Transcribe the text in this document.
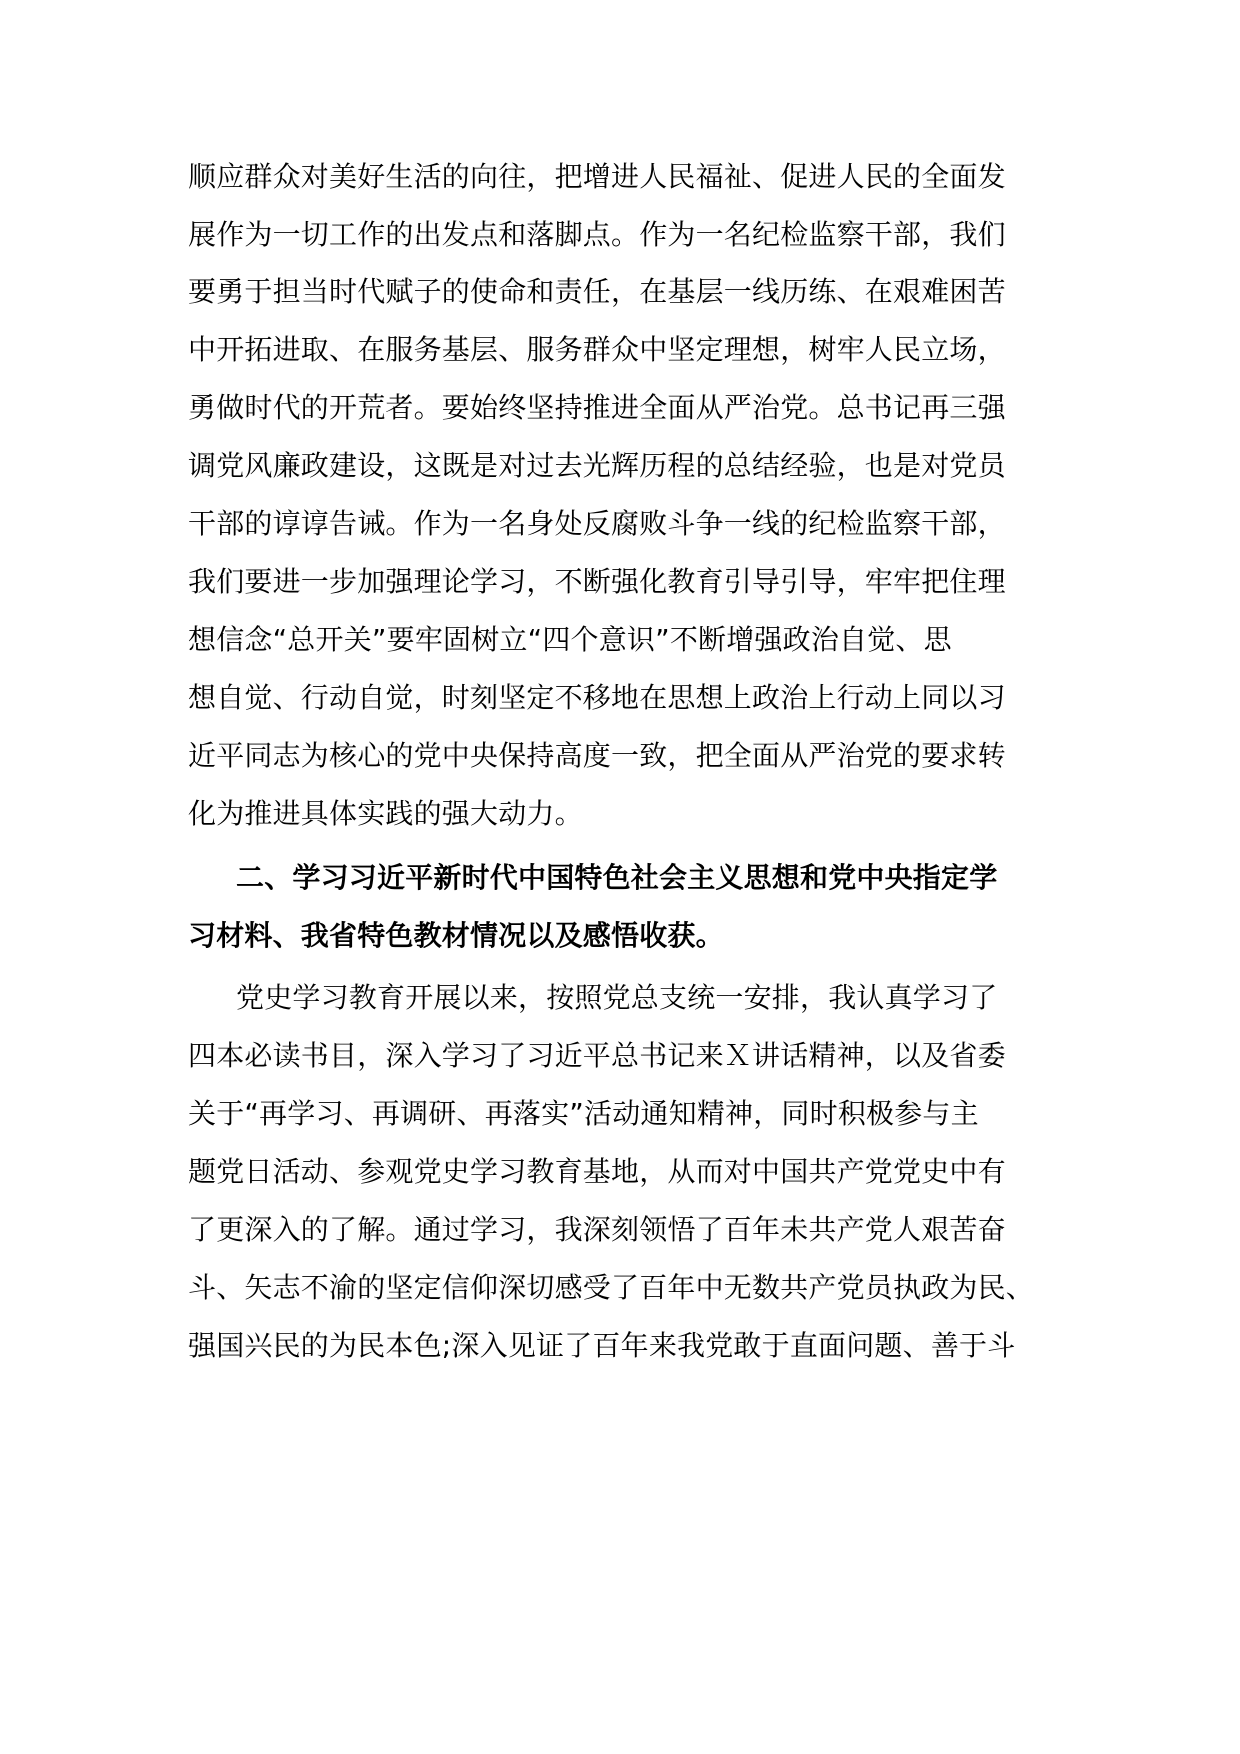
顺应群众对美好生活的向往，把增进人民福祉、促进人民的全面发
展作为一切工作的出发点和落脚点。作为一名纪检监察干部，我们
要勇于担当时代赋子的使命和责任，在基层一线历练、在艰难困苦
中开拓进取、在服务基层、服务群众中坚定理想，树牢人民立场，
勇做时代的开荒者。要始终坚持推进全面从严治党。总书记再三强
调党风廉政建设，这既是对过去光辉历程的总结经验，也是对党员
干部的谆谆告诫。作为一名身处反腐败斗争一线的纪检监察干部，
我们要进一步加强理论学习，不断强化教育引导引导，牢牢把住理
想信念“总开关”要牢固树立“四个意识”不断增强政治自觉、思
想自觉、行动自觉，时刻坚定不移地在思想上政治上行动上同以习
近平同志为核心的党中央保持高度一致，把全面从严治党的要求转
化为推进具体实践的强大动力。
二、学习习近平新时代中国特色社会主义思想和党中央指定学
习材料、我省特色教材情况以及感悟收获。
党史学习教育开展以来，按照党总支统一安排，我认真学习了
四本必读书目，深入学习了习近平总书记来Ｘ讲话精神，以及省委
关于“再学习、再调研、再落实”活动通知精神，同时积极参与主
题党日活动、参观党史学习教育基地，从而对中国共产党党史中有
了更深入的了解。通过学习，我深刻领悟了百年未共产党人艰苦奋
斗、矢志不渝的坚定信仰深切感受了百年中无数共产党员执政为民、
强国兴民的为民本色;深入见证了百年来我党敢于直面问题、善于斗
